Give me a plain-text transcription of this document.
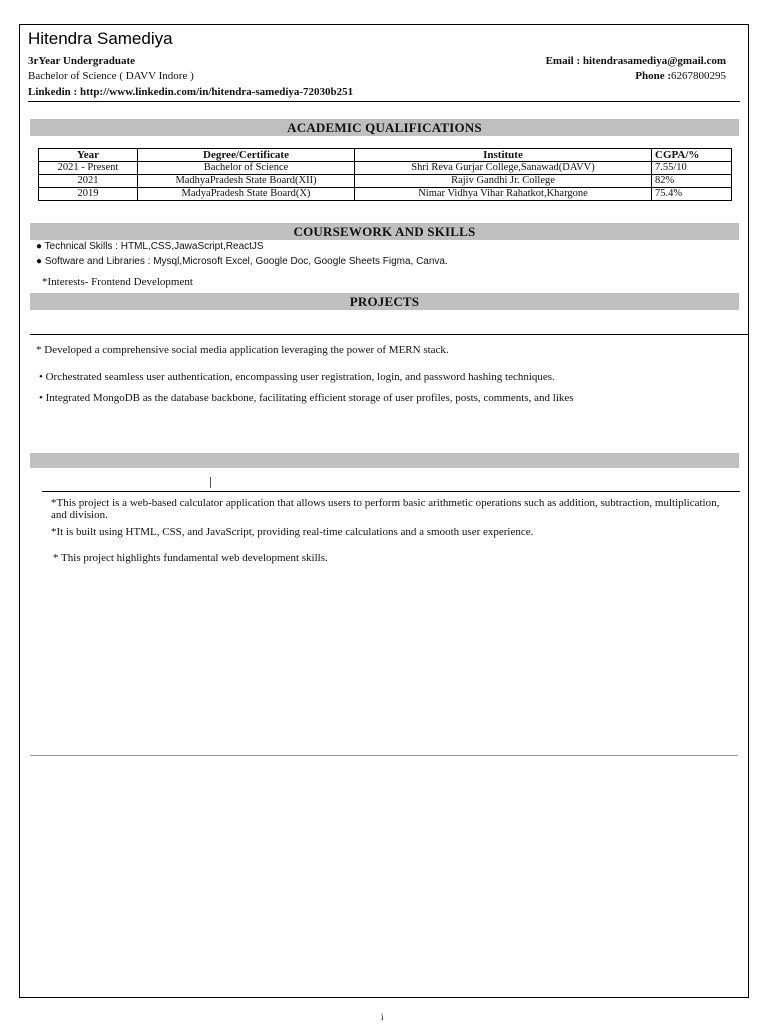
Hitendra Samediya
3rYear Undergraduate
Bachelor of Science ( DAVV Indore )
Linkedin : http://www.linkedin.com/in/hitendra-samediya-72030b251
Email : hitendrasamediya@gmail.com
Phone :6267800295
ACADEMIC QUALIFICATIONS
Year	Degree/Certificate	Institute	CGPA/%
2021 - Present	Bachelor of Science	Shri Reva Gurjar College,Sanawad(DAVV)	7.55/10
2021	MadhyaPradesh State Board(XII)	Rajiv Gandhi Jr. College	82%
2019	MadyaPradesh State Board(X)	Nimar Vidhya Vihar Rahatkot,Khargone	75.4%
COURSEWORK AND SKILLS
● Technical Skills : HTML,CSS,JawaScript,ReactJS
● Software and Libraries : Mysql,Microsoft Excel, Google Doc, Google Sheets Figma, Canva.
*Interests- Frontend Development
PROJECTS
* Developed a comprehensive social media application leveraging the power of MERN stack.
• Orchestrated seamless user authentication, encompassing user registration, login, and password hashing techniques.
• Integrated MongoDB as the database backbone, facilitating efficient storage of user profiles, posts, comments, and likes
*This project is a web-based calculator application that allows users to perform basic arithmetic operations such as addition, subtraction, multiplication, and division.
*It is built using HTML, CSS, and JavaScript, providing real-time calculations and a smooth user experience.
* This project highlights fundamental web development skills.
i
